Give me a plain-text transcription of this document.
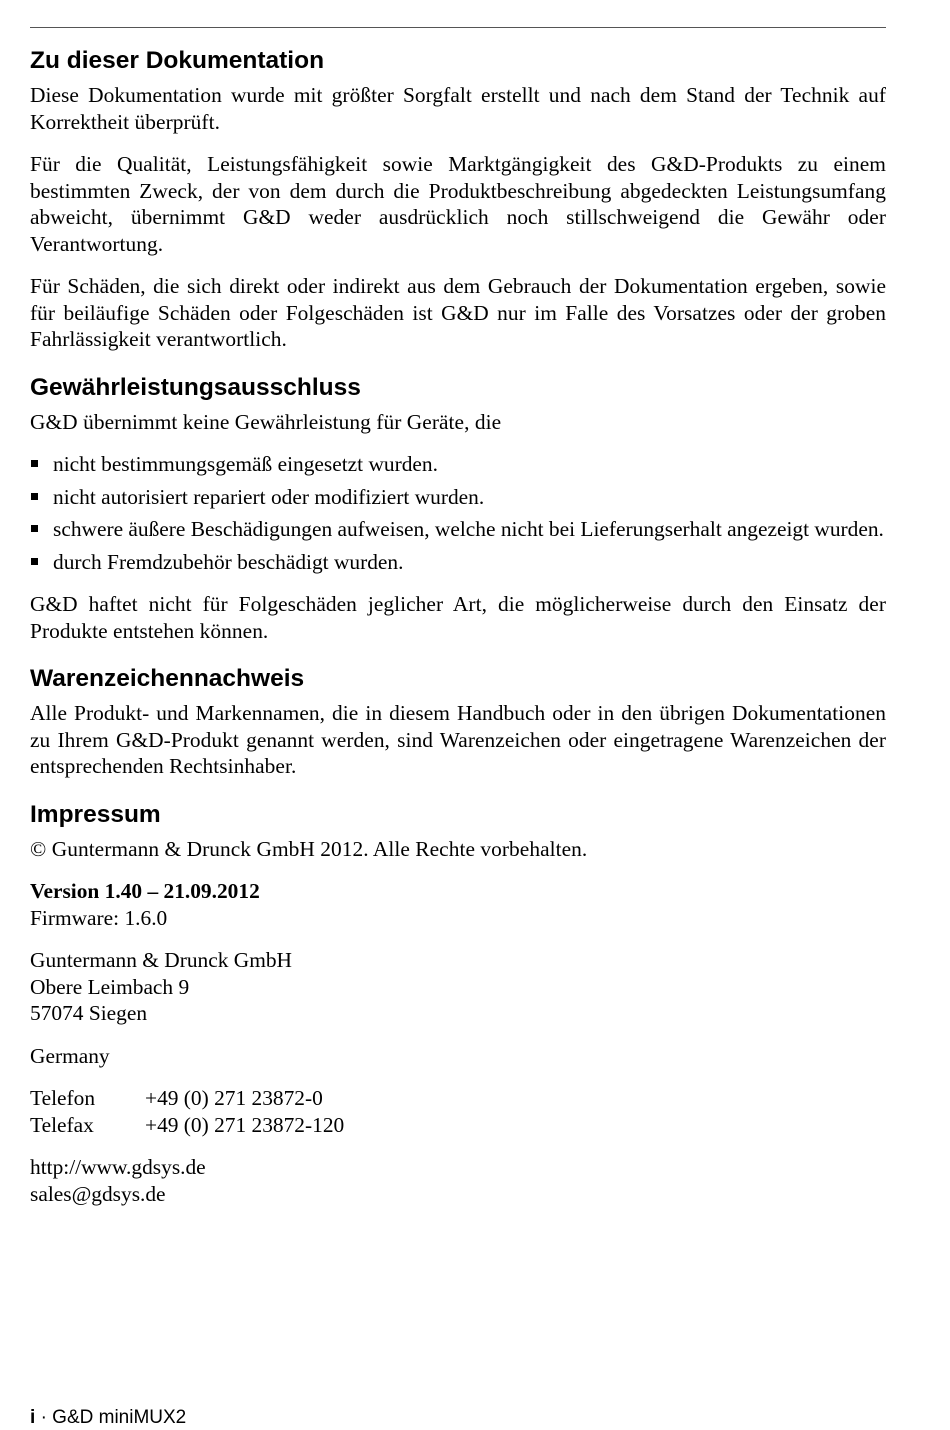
Zu dieser Dokumentation

Diese Dokumentation wurde mit größter Sorgfalt erstellt und nach dem Stand der Technik auf Korrektheit überprüft.

Für die Qualität, Leistungsfähigkeit sowie Marktgängigkeit des G&D-Produkts zu einem bestimmten Zweck, der von dem durch die Produktbeschreibung abgedeckten Leistungsumfang abweicht, übernimmt G&D weder ausdrücklich noch stillschweigend die Gewähr oder Verantwortung.

Für Schäden, die sich direkt oder indirekt aus dem Gebrauch der Dokumentation ergeben, sowie für beiläufige Schäden oder Folgeschäden ist G&D nur im Falle des Vorsatzes oder der groben Fahrlässigkeit verantwortlich.

Gewährleistungsausschluss

G&D übernimmt keine Gewährleistung für Geräte, die

nicht bestimmungsgemäß eingesetzt wurden.
nicht autorisiert repariert oder modifiziert wurden.
schwere äußere Beschädigungen aufweisen, welche nicht bei Lieferungserhalt angezeigt wurden.
durch Fremdzubehör beschädigt wurden.

G&D haftet nicht für Folgeschäden jeglicher Art, die möglicherweise durch den Einsatz der Produkte entstehen können.

Warenzeichennachweis

Alle Produkt- und Markennamen, die in diesem Handbuch oder in den übrigen Dokumentationen zu Ihrem G&D-Produkt genannt werden, sind Warenzeichen oder eingetragene Warenzeichen der entsprechenden Rechtsinhaber.

Impressum

© Guntermann & Drunck GmbH 2012. Alle Rechte vorbehalten.

Version 1.40 – 21.09.2012
Firmware: 1.6.0
Guntermann & Drunck GmbH
Obere Leimbach 9
57074 Siegen
Germany
Telefon	+49 (0) 271 23872-0
Telefax	+49 (0) 271 23872-120
http://www.gdsys.de
sales@gdsys.de
i · G&D miniMUX2
